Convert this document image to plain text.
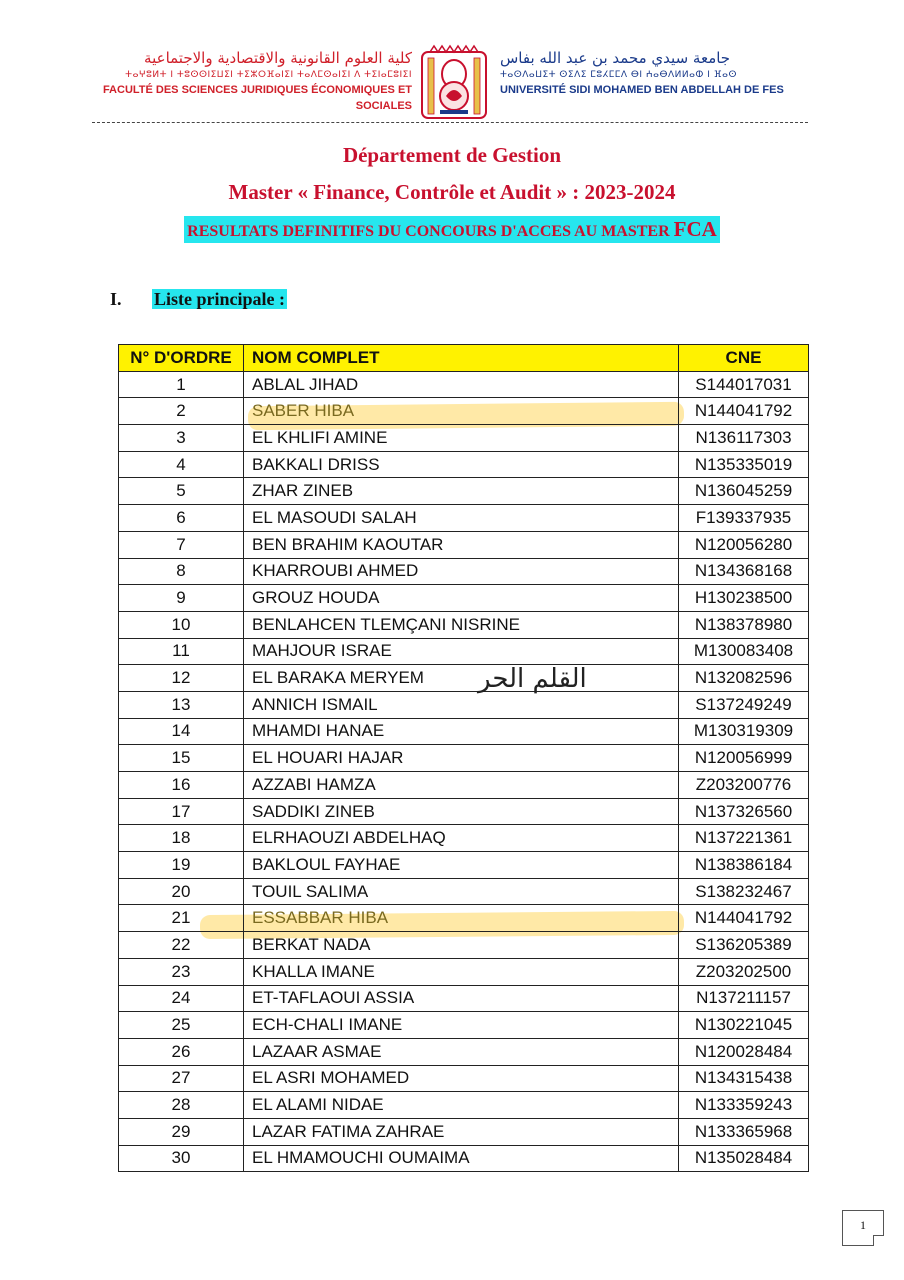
كلية العلوم القانونية والاقتصادية والاجتماعية
ⵜⴰⵖⵓⵍⵜ ⵏ ⵜⵓⵙⵙⵏⵉⵡⵉⵏ ⵜⵉⵣⵔⴼⴰⵏⵉⵏ ⵜⴰⴷⵎⵙⴰⵏⵉⵏ ⴷ ⵜⵉⵏⴰⵎⵓⵏⵉⵏ
FACULTÉ DES SCIENCES JURIDIQUES ÉCONOMIQUES ET SOCIALES
جامعة سيدي محمد بن عبد الله بفاس
ⵜⴰⵙⴷⴰⵡⵉⵜ ⵙⵉⴷⵉ ⵎⵓⵃⵎⵎⴷ ⴱⵏ ⵄⴰⴱⴷⵍⵍⴰⵀ ⵏ ⴼⴰⵙ
UNIVERSITÉ SIDI MOHAMED BEN ABDELLAH DE FES
Département de Gestion
Master « Finance, Contrôle et Audit » : 2023-2024
RESULTATS DEFINITIFS DU CONCOURS D'ACCES AU MASTER FCA
I. Liste principale :
N° D'ORDRE	NOM COMPLET	CNE
1	ABLAL JIHAD	S144017031
2	SABER HIBA	N144041792
3	EL KHLIFI AMINE	N136117303
4	BAKKALI DRISS	N135335019
5	ZHAR ZINEB	N136045259
6	EL MASOUDI SALAH	F139337935
7	BEN BRAHIM KAOUTAR	N120056280
8	KHARROUBI AHMED	N134368168
9	GROUZ HOUDA	H130238500
10	BENLAHCEN TLEMÇANI NISRINE	N138378980
11	MAHJOUR ISRAE	M130083408
12	EL BARAKA MERYEM	N132082596
13	ANNICH ISMAIL	S137249249
14	MHAMDI HANAE	M130319309
15	EL HOUARI HAJAR	N120056999
16	AZZABI HAMZA	Z203200776
17	SADDIKI ZINEB	N137326560
18	ELRHAOUZI ABDELHAQ	N137221361
19	BAKLOUL FAYHAE	N138386184
20	TOUIL SALIMA	S138232467
21	ESSABBAR HIBA	N144041792
22	BERKAT NADA	S136205389
23	KHALLA IMANE	Z203202500
24	ET-TAFLAOUI ASSIA	N137211157
25	ECH-CHALI IMANE	N130221045
26	LAZAAR ASMAE	N120028484
27	EL ASRI MOHAMED	N134315438
28	EL ALAMI NIDAE	N133359243
29	LAZAR FATIMA ZAHRAE	N133365968
30	EL HMAMOUCHI OUMAIMA	N135028484
القلم الحر
1
